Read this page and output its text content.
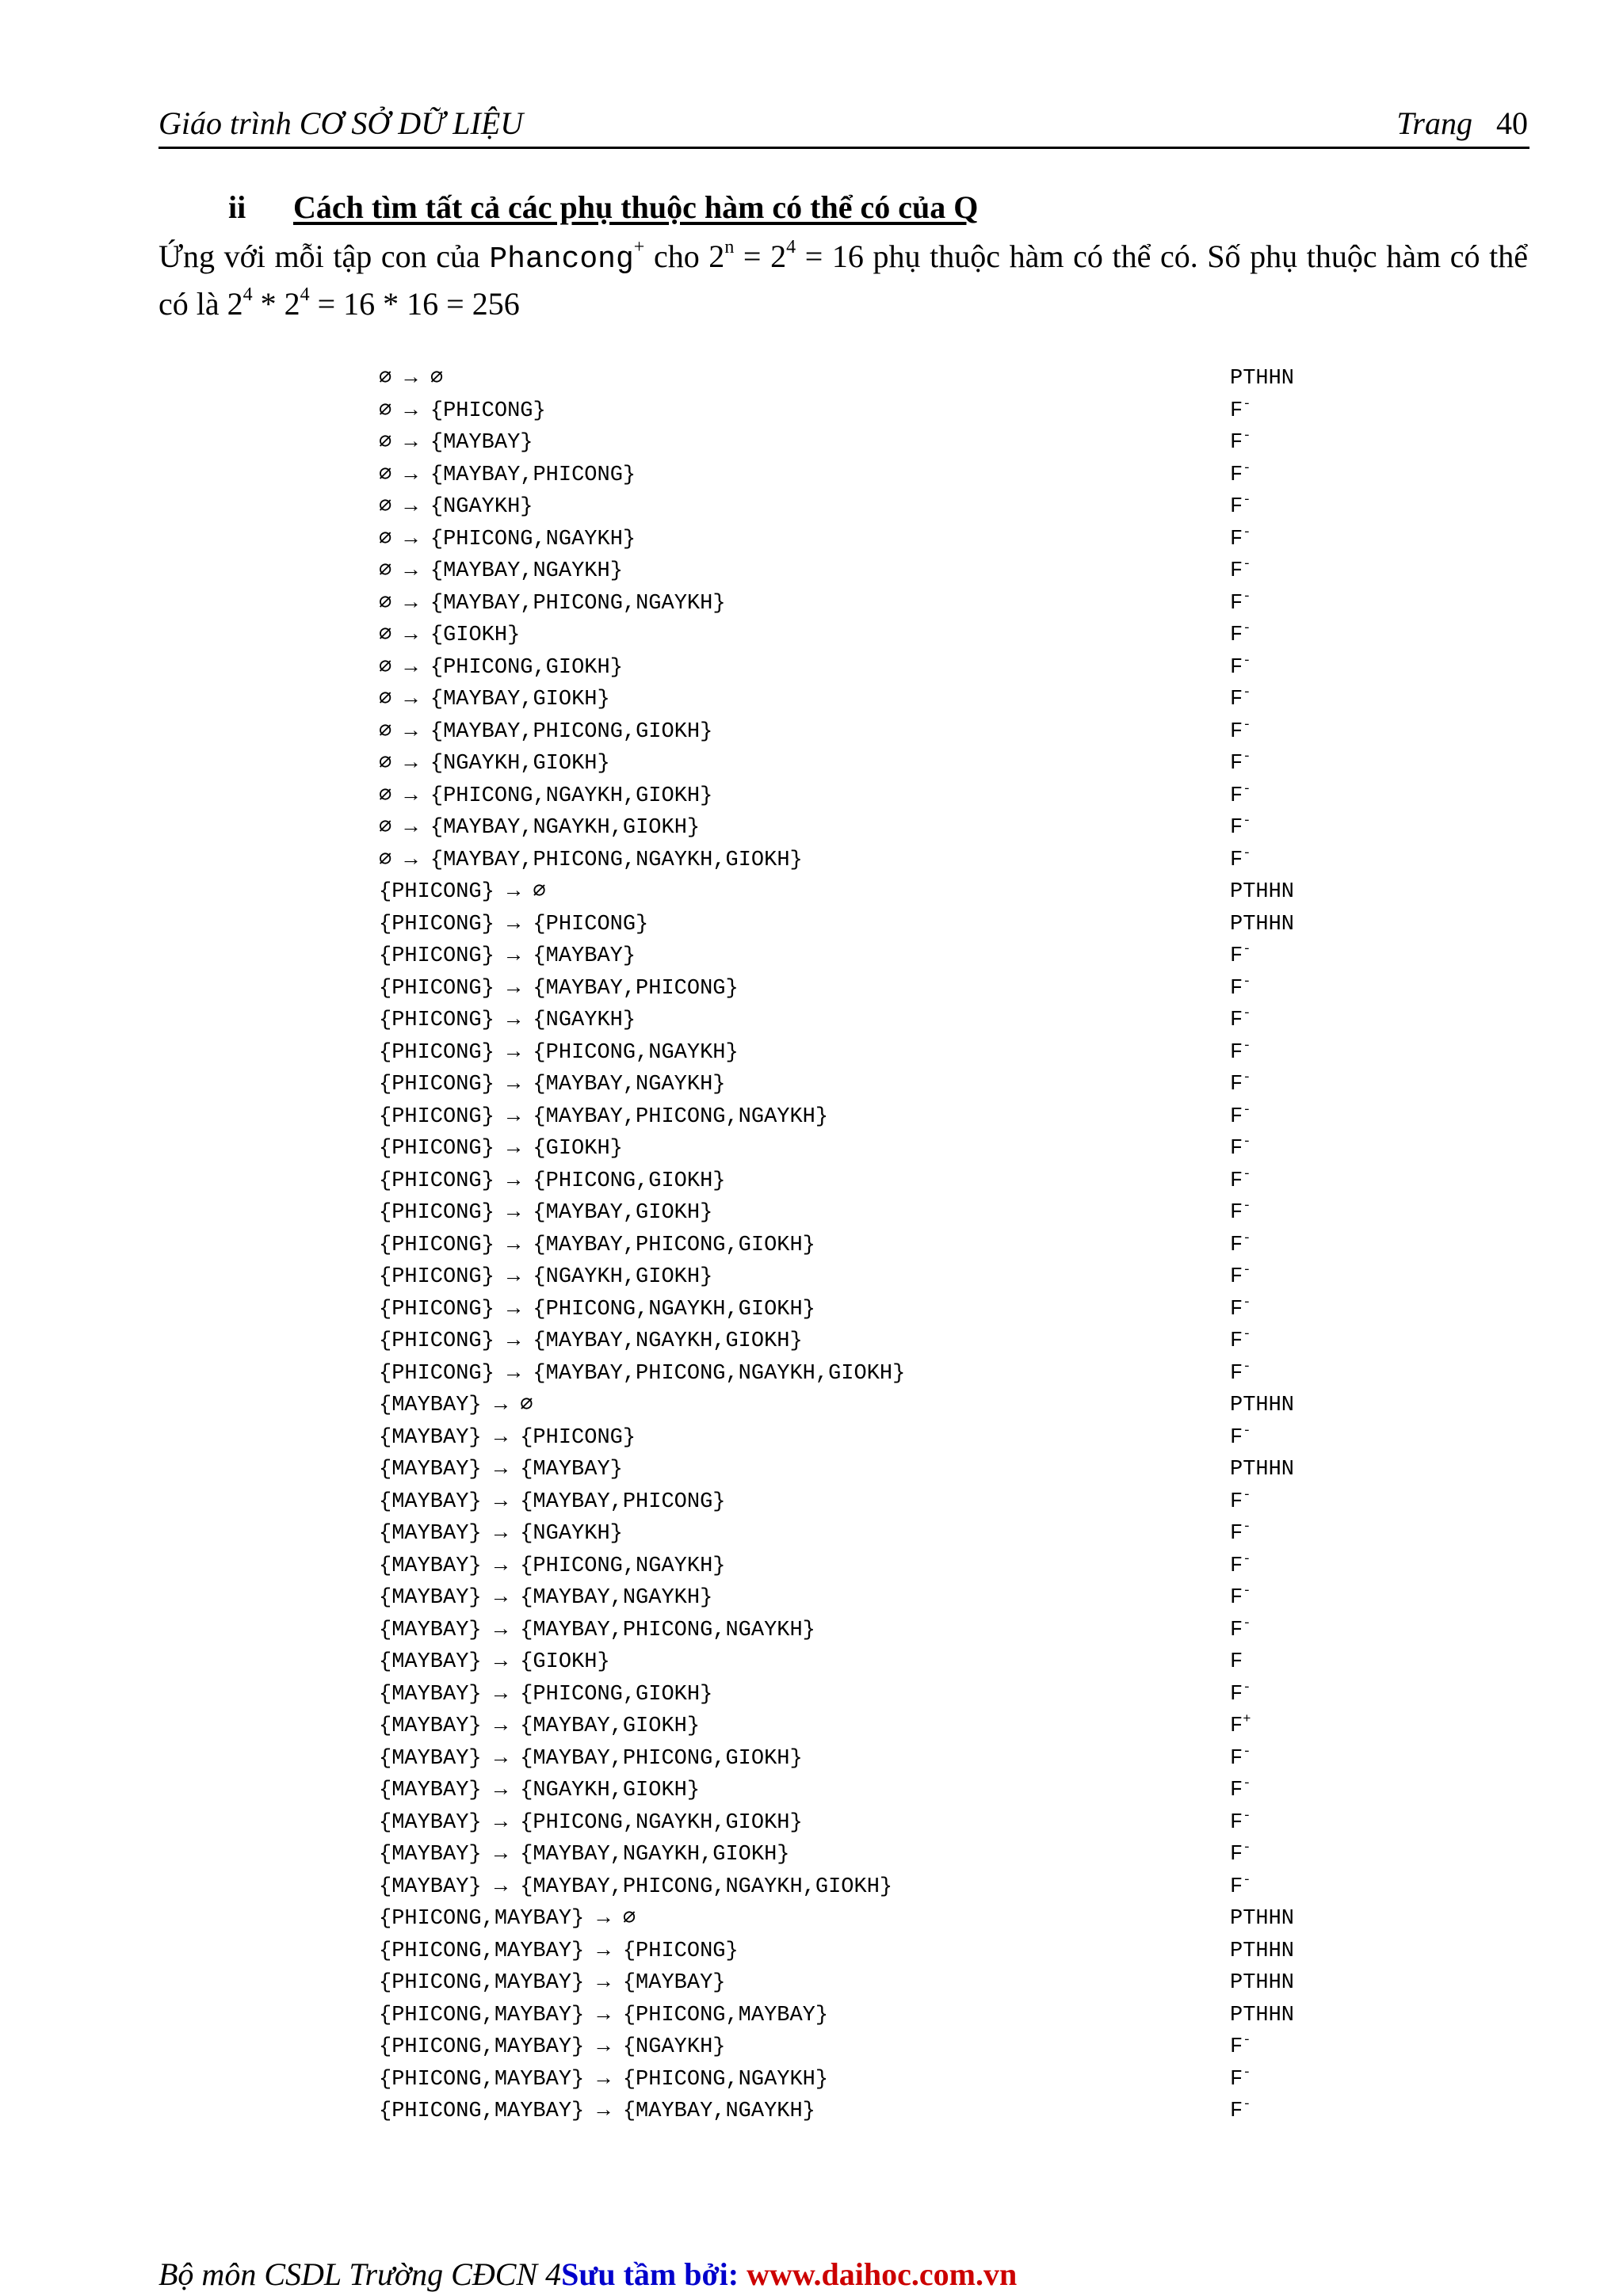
Giáo trình CƠ SỞ DỮ LIỆU	Trang 40
ii Cách tìm tất cả các phụ thuộc hàm có thể có của Q
Ứng với mỗi tập con của Phancong+ cho $2^n = 2^4 = 16$ phụ thuộc hàm có thể có. Số phụ thuộc hàm có thể có là $2^4 * 2^4 = 16 * 16 = 256$
∅ → ∅	PTHHN
∅ → {PHICONG}	F-
∅ → {MAYBAY}	F-
∅ → {MAYBAY,PHICONG}	F-
∅ → {NGAYKH}	F-
∅ → {PHICONG,NGAYKH}	F-
∅ → {MAYBAY,NGAYKH}	F-
∅ → {MAYBAY,PHICONG,NGAYKH}	F-
∅ → {GIOKH}	F-
∅ → {PHICONG,GIOKH}	F-
∅ → {MAYBAY,GIOKH}	F-
∅ → {MAYBAY,PHICONG,GIOKH}	F-
∅ → {NGAYKH,GIOKH}	F-
∅ → {PHICONG,NGAYKH,GIOKH}	F-
∅ → {MAYBAY,NGAYKH,GIOKH}	F-
∅ → {MAYBAY,PHICONG,NGAYKH,GIOKH}	F-
{PHICONG} → ∅	PTHHN
{PHICONG} → {PHICONG}	PTHHN
{PHICONG} → {MAYBAY}	F-
{PHICONG} → {MAYBAY,PHICONG}	F-
{PHICONG} → {NGAYKH}	F-
{PHICONG} → {PHICONG,NGAYKH}	F-
{PHICONG} → {MAYBAY,NGAYKH}	F-
{PHICONG} → {MAYBAY,PHICONG,NGAYKH}	F-
{PHICONG} → {GIOKH}	F-
{PHICONG} → {PHICONG,GIOKH}	F-
{PHICONG} → {MAYBAY,GIOKH}	F-
{PHICONG} → {MAYBAY,PHICONG,GIOKH}	F-
{PHICONG} → {NGAYKH,GIOKH}	F-
{PHICONG} → {PHICONG,NGAYKH,GIOKH}	F-
{PHICONG} → {MAYBAY,NGAYKH,GIOKH}	F-
{PHICONG} → {MAYBAY,PHICONG,NGAYKH,GIOKH}	F-
{MAYBAY} → ∅	PTHHN
{MAYBAY} → {PHICONG}	F-
{MAYBAY} → {MAYBAY}	PTHHN
{MAYBAY} → {MAYBAY,PHICONG}	F-
{MAYBAY} → {NGAYKH}	F-
{MAYBAY} → {PHICONG,NGAYKH}	F-
{MAYBAY} → {MAYBAY,NGAYKH}	F-
{MAYBAY} → {MAYBAY,PHICONG,NGAYKH}	F-
{MAYBAY} → {GIOKH}	F
{MAYBAY} → {PHICONG,GIOKH}	F-
{MAYBAY} → {MAYBAY,GIOKH}	F+
{MAYBAY} → {MAYBAY,PHICONG,GIOKH}	F-
{MAYBAY} → {NGAYKH,GIOKH}	F-
{MAYBAY} → {PHICONG,NGAYKH,GIOKH}	F-
{MAYBAY} → {MAYBAY,NGAYKH,GIOKH}	F-
{MAYBAY} → {MAYBAY,PHICONG,NGAYKH,GIOKH}	F-
{PHICONG,MAYBAY} → ∅	PTHHN
{PHICONG,MAYBAY} → {PHICONG}	PTHHN
{PHICONG,MAYBAY} → {MAYBAY}	PTHHN
{PHICONG,MAYBAY} → {PHICONG,MAYBAY}	PTHHN
{PHICONG,MAYBAY} → {NGAYKH}	F-
{PHICONG,MAYBAY} → {PHICONG,NGAYKH}	F-
{PHICONG,MAYBAY} → {MAYBAY,NGAYKH}	F-
Bộ môn CSDL Trường CĐCN 4Sưu tầm bởi: www.daihoc.com.vn
